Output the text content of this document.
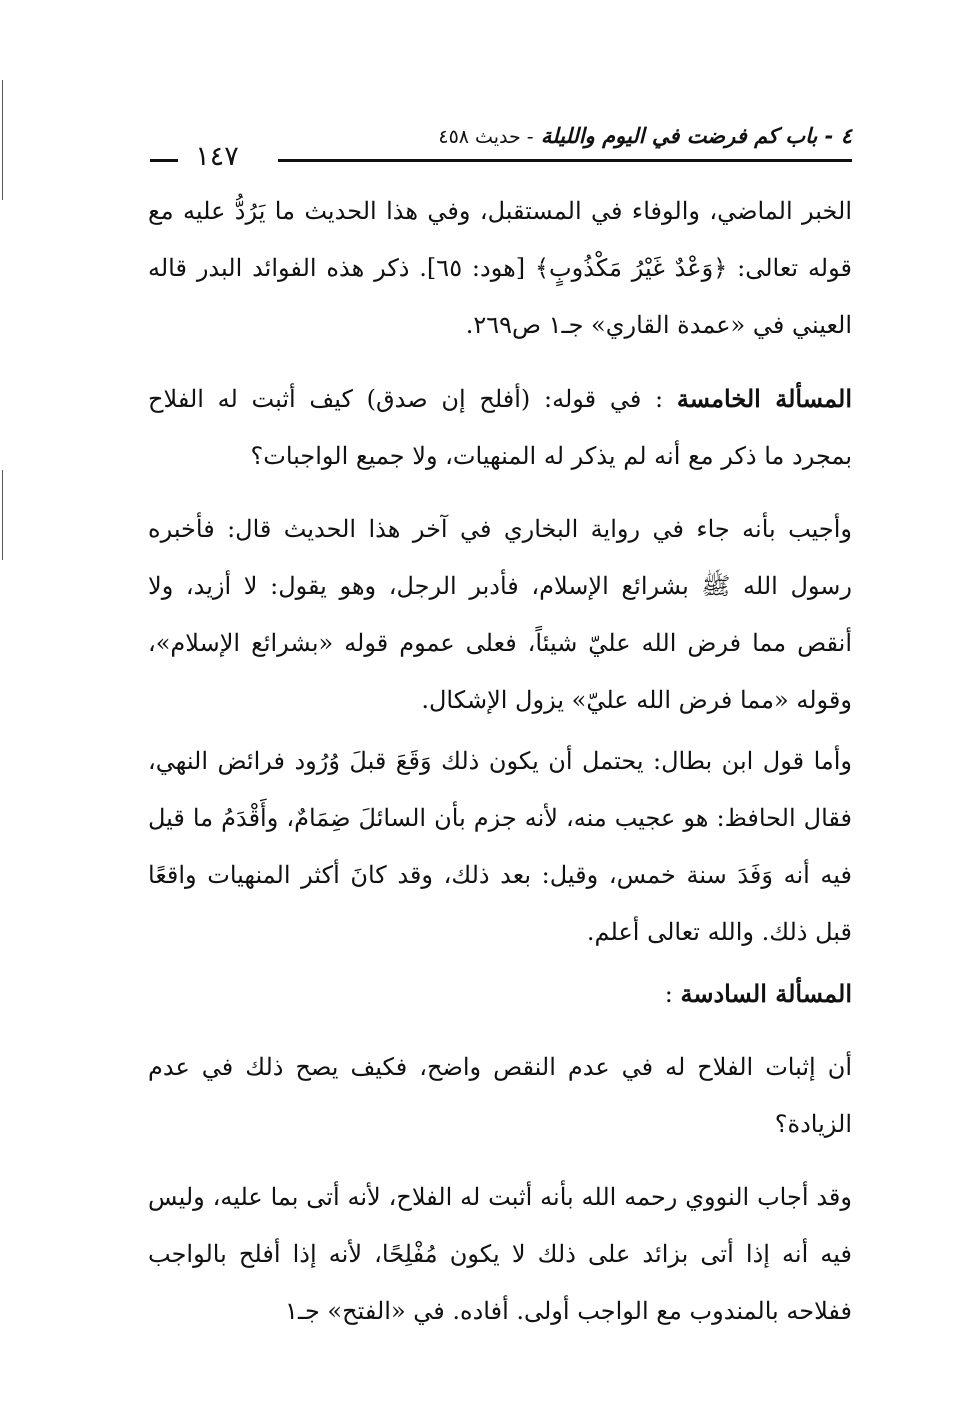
٤ - باب كم فرضت في اليوم والليلة - حديث ٤٥٨
١٤٧

الخبر الماضي، والوفاء في المستقبل، وفي هذا الحديث ما يَرُدُّ عليه مع قوله تعالى: ﴿وَعْدٌ غَيْرُ مَكْذُوبٍ﴾ [هود: ٦٥]. ذكر هذه الفوائد البدر قاله العيني في «عمدة القاري» جـ١ ص٢٦٩.

المسألة الخامسة : في قوله: (أفلح إن صدق) كيف أثبت له الفلاح بمجرد ما ذكر مع أنه لم يذكر له المنهيات، ولا جميع الواجبات؟

وأجيب بأنه جاء في رواية البخاري في آخر هذا الحديث قال: فأخبره رسول الله ﷺ بشرائع الإسلام، فأدبر الرجل، وهو يقول: لا أزيد، ولا أنقص مما فرض الله عليّ شيئاً، فعلى عموم قوله «بشرائع الإسلام»، وقوله «مما فرض الله عليّ» يزول الإشكال.

وأما قول ابن بطال: يحتمل أن يكون ذلك وَقَعَ قبلَ وُرُود فرائض النهي، فقال الحافظ: هو عجيب منه، لأنه جزم بأن السائلَ ضِمَامٌ، وأَقْدَمُ ما قيل فيه أنه وَفَدَ سنة خمس، وقيل: بعد ذلك، وقد كانَ أكثر المنهيات واقعًا قبل ذلك. والله تعالى أعلم.

المسألة السادسة :

أن إثبات الفلاح له في عدم النقص واضح، فكيف يصح ذلك في عدم الزيادة؟

وقد أجاب النووي رحمه الله بأنه أثبت له الفلاح، لأنه أتى بما عليه، وليس فيه أنه إذا أتى بزائد على ذلك لا يكون مُفْلِحًا، لأنه إذا أفلح بالواجب ففلاحه بالمندوب مع الواجب أولى. أفاده. في «الفتح» جـ١
